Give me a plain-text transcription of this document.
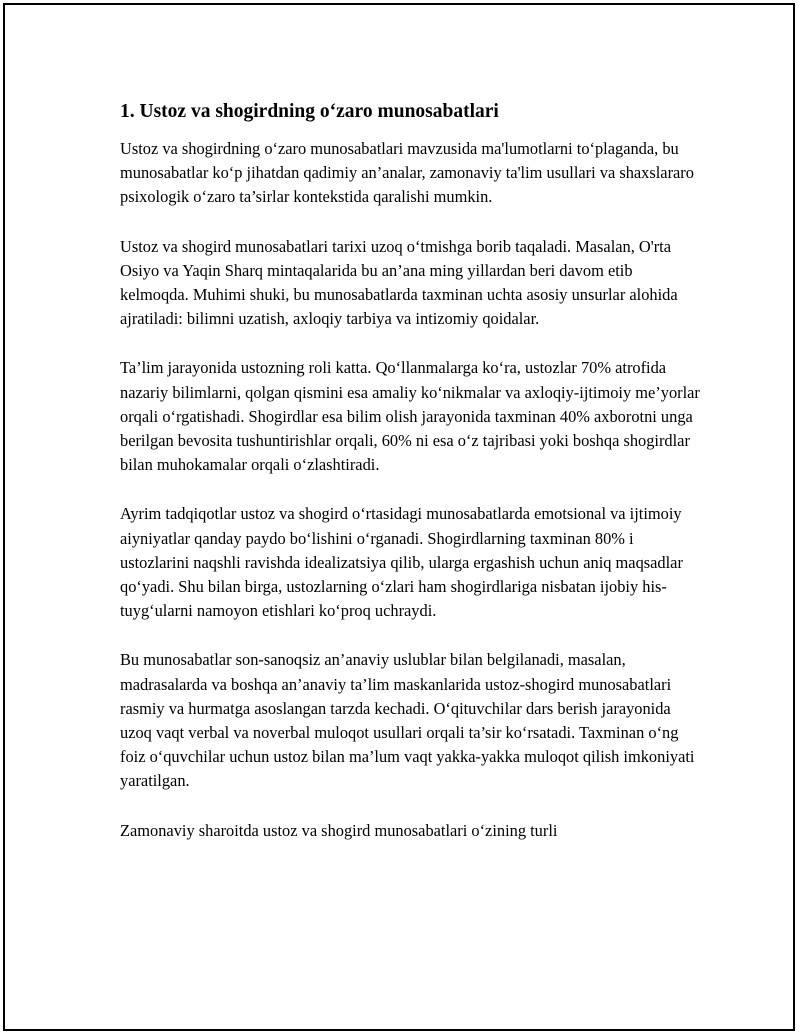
1. Ustoz va shogirdning o‘zaro munosabatlari

Ustoz va shogirdning o‘zaro munosabatlari mavzusida ma'lumotlarni to‘plaganda, bu munosabatlar ko‘p jihatdan qadimiy an’analar, zamonaviy ta'lim usullari va shaxslararo psixologik o‘zaro ta’sirlar kontekstida qaralishi mumkin.

Ustoz va shogird munosabatlari tarixi uzoq o‘tmishga borib taqaladi. Masalan, O'rta Osiyo va Yaqin Sharq mintaqalarida bu an’ana ming yillardan beri davom etib kelmoqda. Muhimi shuki, bu munosabatlarda taxminan uchta asosiy unsurlar alohida ajratiladi: bilimni uzatish, axloqiy tarbiya va intizomiy qoidalar.

Ta’lim jarayonida ustozning roli katta. Qo‘llanmalarga ko‘ra, ustozlar 70% atrofida nazariy bilimlarni, qolgan qismini esa amaliy ko‘nikmalar va axloqiy-ijtimoiy me’yorlar orqali o‘rgatishadi. Shogirdlar esa bilim olish jarayonida taxminan 40% axborotni unga berilgan bevosita tushuntirishlar orqali, 60% ni esa o‘z tajribasi yoki boshqa shogirdlar bilan muhokamalar orqali o‘zlashtiradi.

Ayrim tadqiqotlar ustoz va shogird o‘rtasidagi munosabatlarda emotsional va ijtimoiy aiyniyatlar qanday paydo bo‘lishini o‘rganadi. Shogirdlarning taxminan 80% i ustozlarini naqshli ravishda idealizatsiya qilib, ularga ergashish uchun aniq maqsadlar qo‘yadi. Shu bilan birga, ustozlarning o‘zlari ham shogirdlariga nisbatan ijobiy his-tuyg‘ularni namoyon etishlari ko‘proq uchraydi.

Bu munosabatlar son-sanoqsiz an’anaviy uslublar bilan belgilanadi, masalan, madrasalarda va boshqa an’anaviy ta’lim maskanlarida ustoz-shogird munosabatlari rasmiy va hurmatga asoslangan tarzda kechadi. O‘qituvchilar dars berish jarayonida uzoq vaqt verbal va noverbal muloqot usullari orqali ta’sir ko‘rsatadi. Taxminan o‘ng foiz o‘quvchilar uchun ustoz bilan ma’lum vaqt yakka-yakka muloqot qilish imkoniyati yaratilgan.

Zamonaviy sharoitda ustoz va shogird munosabatlari o‘zining turli
